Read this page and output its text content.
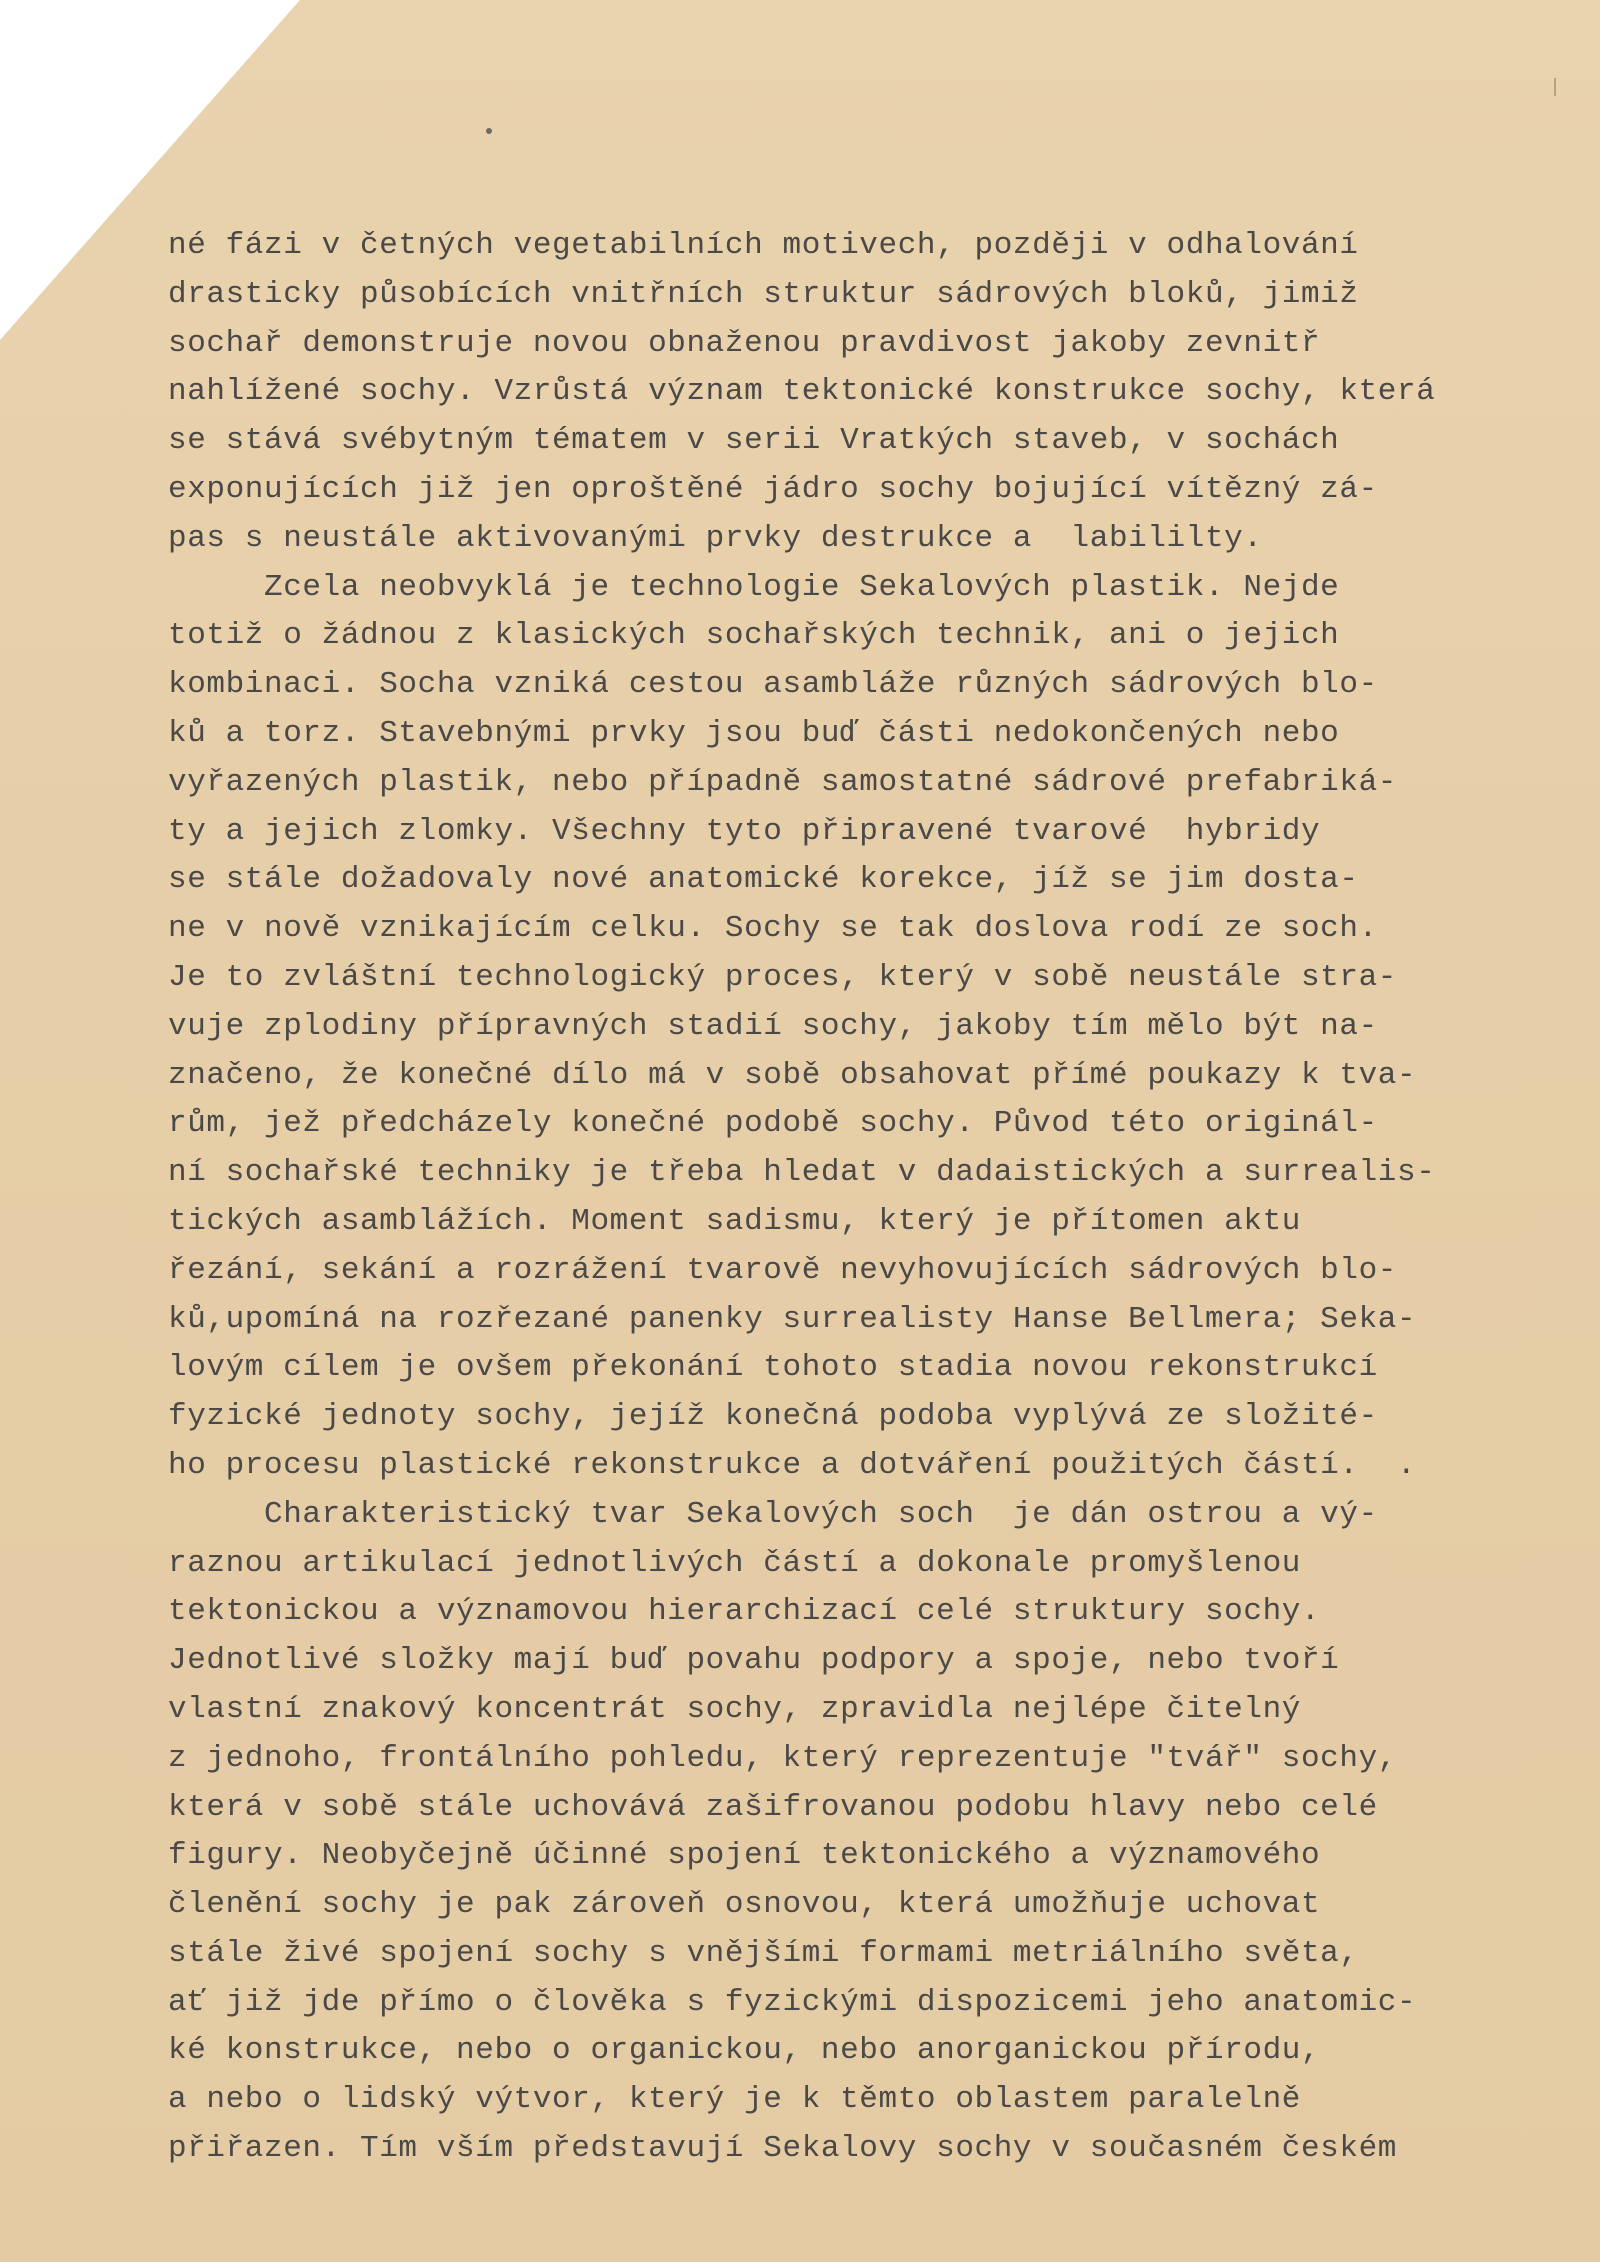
né fázi v četných vegetabilních motivech, později v odhalování
drasticky působících vnitřních struktur sádrových bloků, jimiž
sochař demonstruje novou obnaženou pravdivost jakoby zevnitř
nahlížené sochy. Vzrůstá význam tektonické konstrukce sochy, která
se stává svébytným tématem v serii Vratkých staveb, v sochách
exponujících již jen oproštěné jádro sochy bojující vítězný zá-
pas s neustále aktivovanými prvky destrukce a  labililty.
Zcela neobvyklá je technologie Sekalových plastik. Nejde
totiž o žádnou z klasických sochařských technik, ani o jejich
kombinaci. Socha vzniká cestou asambláže různých sádrových blo-
ků a torz. Stavebnými prvky jsou buď části nedokončených nebo
vyřazených plastik, nebo případně samostatné sádrové prefabriká-
ty a jejich zlomky. Všechny tyto připravené tvarové  hybridy
se stále dožadovaly nové anatomické korekce, jíž se jim dosta-
ne v nově vznikajícím celku. Sochy se tak doslova rodí ze soch.
Je to zvláštní technologický proces, který v sobě neustále stra-
vuje zplodiny přípravných stadií sochy, jakoby tím mělo být na-
značeno, že konečné dílo má v sobě obsahovat přímé poukazy k tva-
rům, jež předcházely konečné podobě sochy. Původ této originál-
ní sochařské techniky je třeba hledat v dadaistických a surrealis-
tických asamblážích. Moment sadismu, který je přítomen aktu
řezání, sekání a rozrážení tvarově nevyhovujících sádrových blo-
ků,upomíná na rozřezané panenky surrealisty Hanse Bellmera; Seka-
lovým cílem je ovšem překonání tohoto stadia novou rekonstrukcí
fyzické jednoty sochy, jejíž konečná podoba vyplývá ze složité-
ho procesu plastické rekonstrukce a dotváření použitých částí.  .
Charakteristický tvar Sekalových soch  je dán ostrou a vý-
raznou artikulací jednotlivých částí a dokonale promyšlenou
tektonickou a významovou hierarchizací celé struktury sochy.
Jednotlivé složky mají buď povahu podpory a spoje, nebo tvoří
vlastní znakový koncentrát sochy, zpravidla nejlépe čitelný
z jednoho, frontálního pohledu, který reprezentuje "tvář" sochy,
která v sobě stále uchovává zašifrovanou podobu hlavy nebo celé
figury. Neobyčejně účinné spojení tektonického a významového
členění sochy je pak zároveň osnovou, která umožňuje uchovat
stále živé spojení sochy s vnějšími formami metriálního světa,
ať již jde přímo o člověka s fyzickými dispozicemi jeho anatomic-
ké konstrukce, nebo o organickou, nebo anorganickou přírodu,
a nebo o lidský výtvor, který je k těmto oblastem paralelně
přiřazen. Tím vším představují Sekalovy sochy v současném českém
